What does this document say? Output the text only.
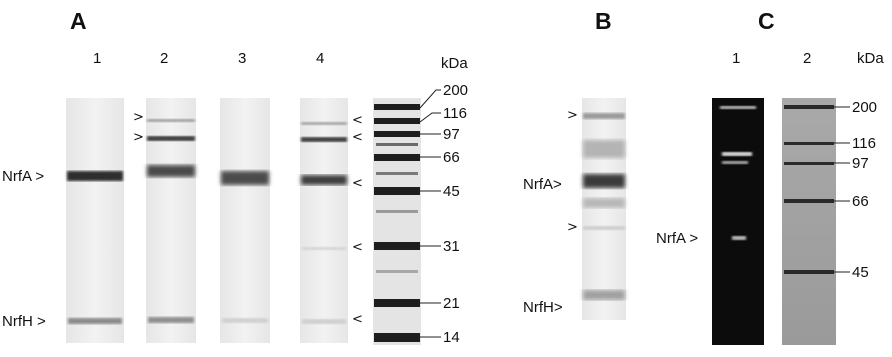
A
1	2	3	4	kDa
200
116
97
66
45
31
21
14
NrfA >
NrfH >
>
>
<
<
<
<
<
B
NrfA>
NrfH>
>
>
C
1	2	kDa
200
116
97
66
45
NrfA >
